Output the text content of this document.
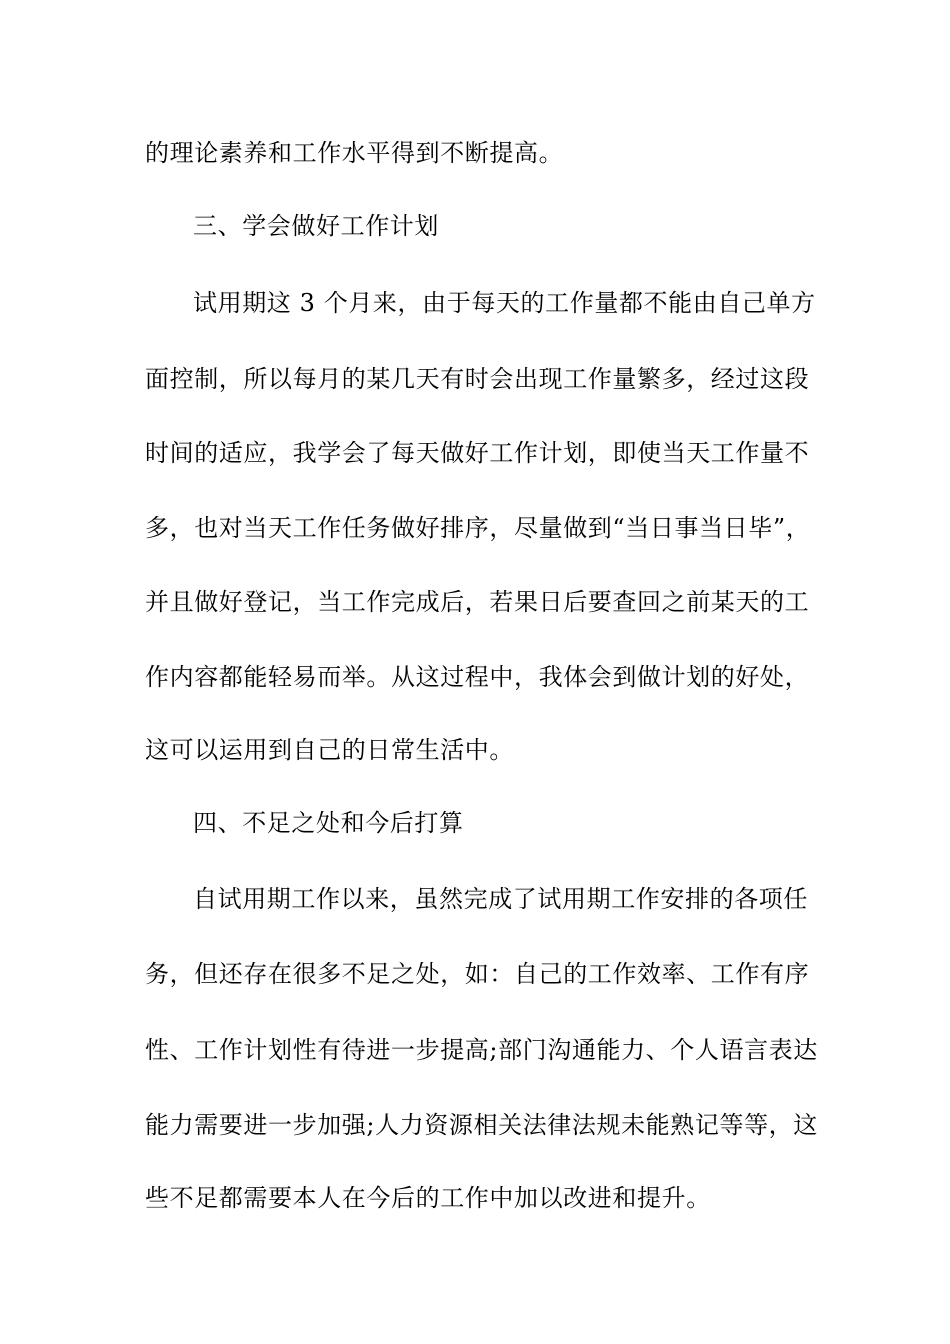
的理论素养和工作水平得到不断提高。
三、学会做好工作计划
试用期这 3 个月来，由于每天的工作量都不能由自己单方
面控制，所以每月的某几天有时会出现工作量繁多，经过这段
时间的适应，我学会了每天做好工作计划，即使当天工作量不
多，也对当天工作任务做好排序，尽量做到“当日事当日毕”，
并且做好登记，当工作完成后，若果日后要查回之前某天的工
作内容都能轻易而举。从这过程中，我体会到做计划的好处，
这可以运用到自己的日常生活中。
四、不足之处和今后打算
自试用期工作以来，虽然完成了试用期工作安排的各项任
务，但还存在很多不足之处，如：自己的工作效率、工作有序
性、工作计划性有待进一步提高;部门沟通能力、个人语言表达
能力需要进一步加强;人力资源相关法律法规未能熟记等等，这
些不足都需要本人在今后的工作中加以改进和提升。
